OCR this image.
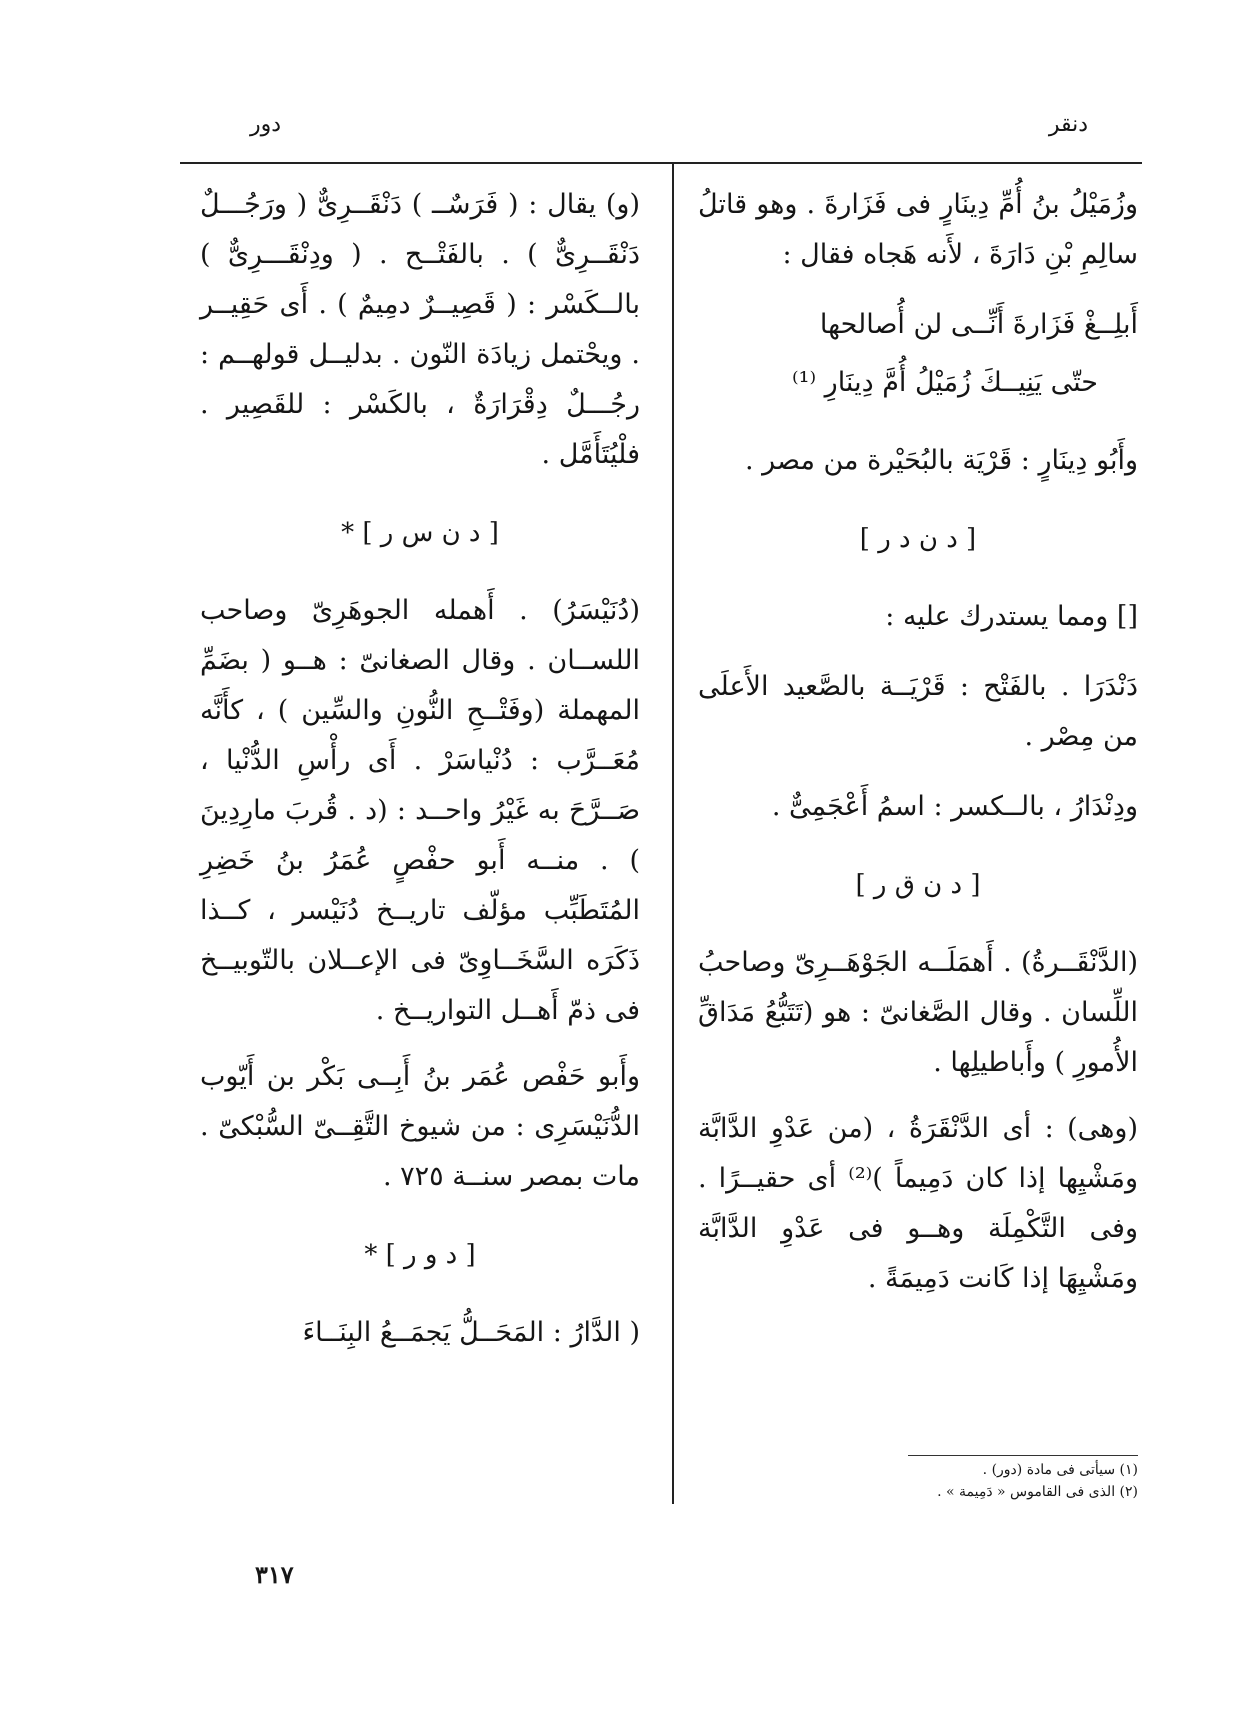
دنقر
دور

وزُمَيْلُ بنُ أُمِّ دِينَارٍ فى فَزَارةَ . وهو قاتلُ سالِمِ بْنِ دَارَةَ ، لأَنه هَجاه فقال :

أَبلِــغْ فَزَارةَ أَنِّــى لن أُصالحها
حتّى يَنِيــكَ زُمَيْلُ أُمَّ دِينَارِ ⁽¹⁾

وأَبُو دِينَارٍ : قَرْيَة بالبُحَيْرة من مصر .

[ د ن د ر ]

[] ومما يستدرك عليه :

دَنْدَرَا . بالفَتْح : قَرْيَــة بالصَّعيد الأَعلَى من مِصْر .

ودِنْدَارُ ، بالــكسر : اسمُ أَعْجَمِىٌّ .

[ د ن ق ر ]

(الدَّنْقَــرةُ) . أَهمَلَــه الجَوْهَــرِىّ وصاحبُ اللِّسان . وقال الصَّغانىّ : هو (تَتَبُّعُ مَدَاقِّ الأُمورِ ) وأَباطيلِها .

(وهى) : أى الدَّنْقَرَةُ ، (من عَدْوِ الدَّابَّة ومَشْيِها إذا كان دَمِيماً )⁽²⁾ أى حقيــرًا . وفى التَّكْمِلَة وهــو فى عَدْوِ الدَّابَّة ومَشْيِهَا إذا كَانت دَمِيمَةً .

(و) يقال : ( فَرَسٌــ ) دَنْقَــرِىٌّ ( ورَجُـــلٌ دَنْقَــرِىٌّ ) . بالفَتْــح . ( ودِنْقَـــرِىٌّ ) بالــكَسْر : ( قَصِيــرٌ دمِيمٌ ) . أَى حَقِيــر . ويحْتمل زيادَة النّون . بدليــل قولهــم : رجُـــلٌ دِقْرَارَةٌ ، بالكَسْر : للقَصِير . فلْيُتَأَمَّل .

[ د ن س ر ] *

(دُنَيْسَرُ) . أَهمله الجوهَرِىّ وصاحب اللســان . وقال الصغانىّ : هــو ( بضَمِّ المهملة (وفَتْــحِ النُّونِ والسِّين ) ، كأَنَّه مُعَــرَّب : دُنْياسَرْ . أَى رأْسِ الدُّنْيا ، صَــرَّحَ به غَيْرُ واحــد : (د . قُربَ مارِدِينَ ) . منــه أَبو حفْصٍ عُمَرُ بنُ خَضِرِ المُتَطَبِّب مؤلّف تاريــخ دُنَيْسر ، كــذا ذَكَرَه السَّخَــاوِىّ فى الإعــلان بالتّوبيــخ فى ذمّ أَهــل التواريــخ .

وأَبو حَفْص عُمَر بنُ أَبِــى بَكْر بن أَيّوب الدُّنَيْسَرِى : من شيوخ التَّقِــىّ السُّبْكىّ . مات بمصر سنــة ٧٢٥ .

[ د و ر ] *

( الدَّارُ : المَحَــلُّ يَجمَــعُ البِنَــاءَ

(١) سيأتى فى مادة (دور) .
(٢) الذى فى القاموس « دَمِيمة » .
٣١٧
